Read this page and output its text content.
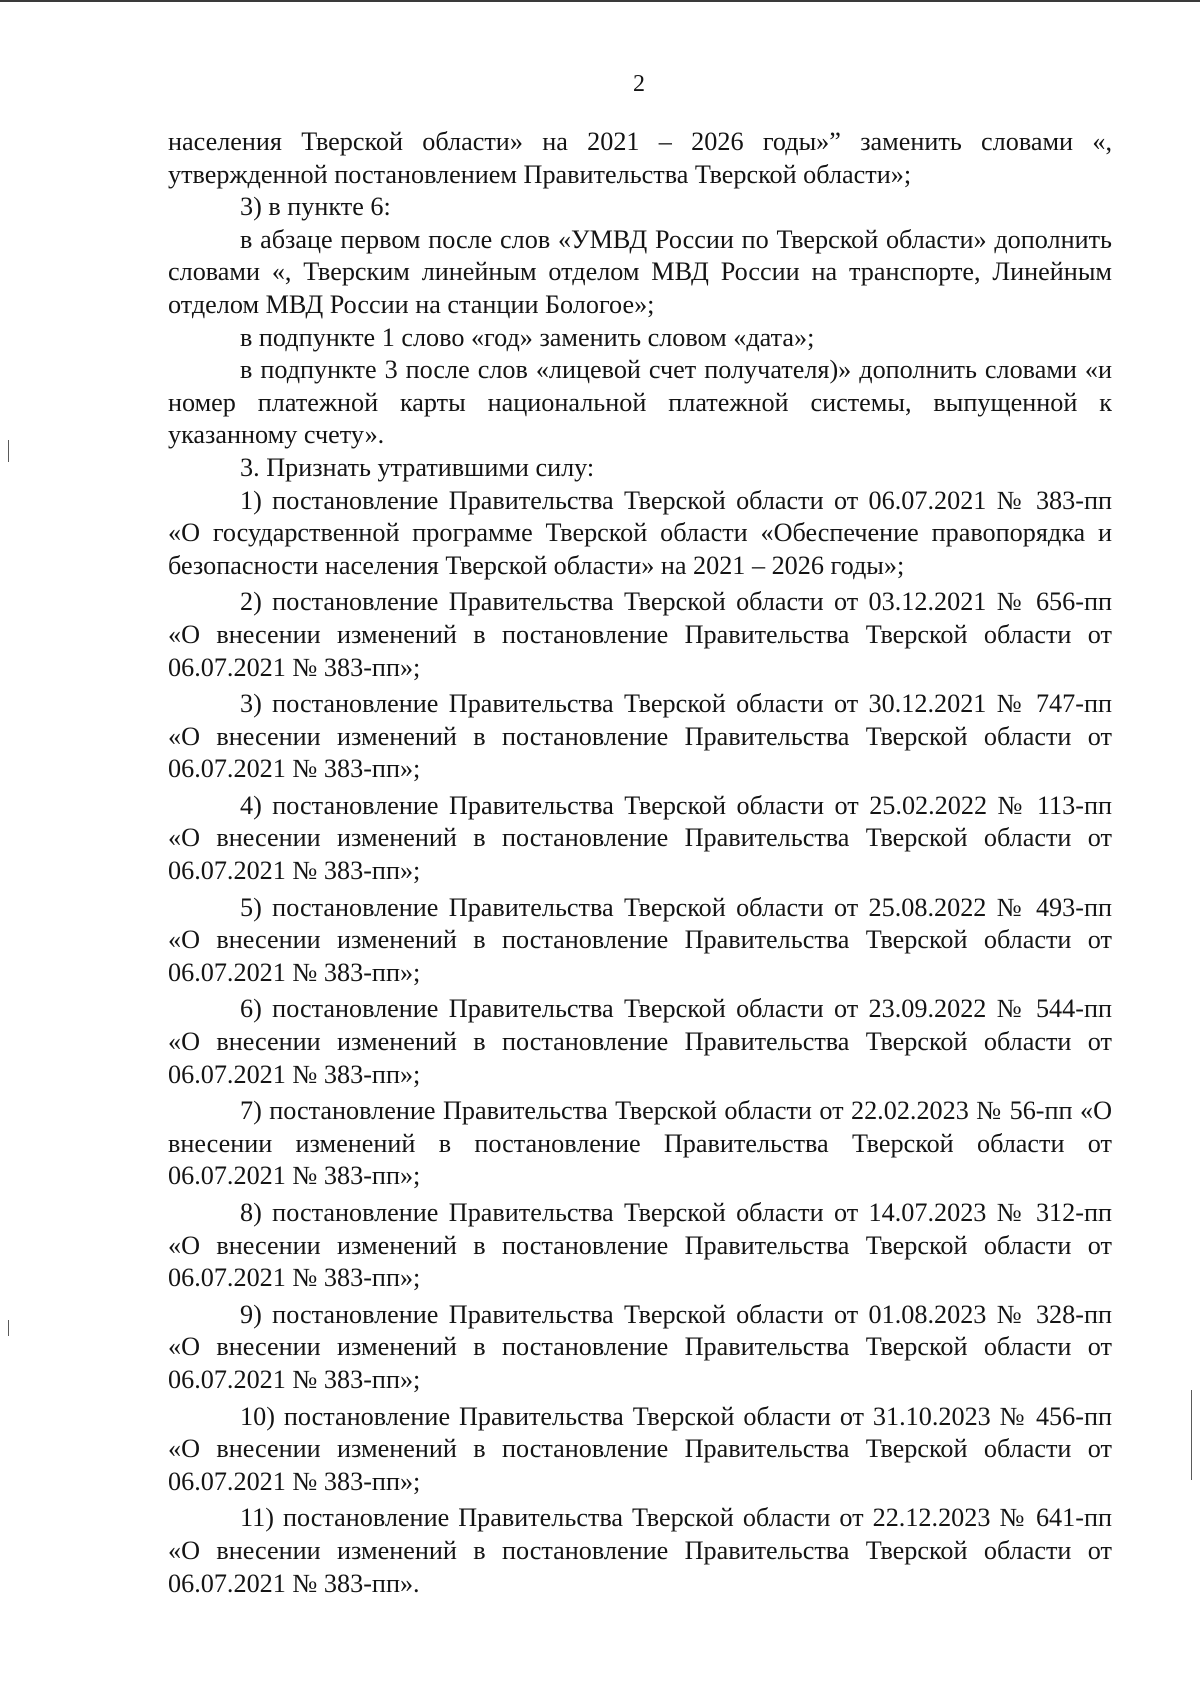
2

населения Тверской области» на 2021 – 2026 годы»” заменить словами «, утвержденной постановлением Правительства Тверской области»;

3) в пункте 6:

в абзаце первом после слов «УМВД России по Тверской области» дополнить словами «, Тверским линейным отделом МВД России на транспорте, Линейным отделом МВД России на станции Бологое»;

в подпункте 1 слово «год» заменить словом «дата»;

в подпункте 3 после слов «лицевой счет получателя)» дополнить словами «и номер платежной карты национальной платежной системы, выпущенной к указанному счету».

3. Признать утратившими силу:

1) постановление Правительства Тверской области от 06.07.2021 № 383-пп «О государственной программе Тверской области «Обеспечение правопорядка и безопасности населения Тверской области» на 2021 – 2026 годы»;

2) постановление Правительства Тверской области от 03.12.2021 № 656-пп «О внесении изменений в постановление Правительства Тверской области от 06.07.2021 № 383-пп»;

3) постановление Правительства Тверской области от 30.12.2021 № 747-пп «О внесении изменений в постановление Правительства Тверской области от 06.07.2021 № 383-пп»;

4) постановление Правительства Тверской области от 25.02.2022 № 113-пп «О внесении изменений в постановление Правительства Тверской области от 06.07.2021 № 383-пп»;

5) постановление Правительства Тверской области от 25.08.2022 № 493-пп «О внесении изменений в постановление Правительства Тверской области от 06.07.2021 № 383-пп»;

6) постановление Правительства Тверской области от 23.09.2022 № 544-пп «О внесении изменений в постановление Правительства Тверской области от 06.07.2021 № 383-пп»;

7) постановление Правительства Тверской области от 22.02.2023 № 56-пп «О внесении изменений в постановление Правительства Тверской области от 06.07.2021 № 383-пп»;

8) постановление Правительства Тверской области от 14.07.2023 № 312-пп «О внесении изменений в постановление Правительства Тверской области от 06.07.2021 № 383-пп»;

9) постановление Правительства Тверской области от 01.08.2023 № 328-пп «О внесении изменений в постановление Правительства Тверской области от 06.07.2021 № 383-пп»;

10) постановление Правительства Тверской области от 31.10.2023 № 456-пп «О внесении изменений в постановление Правительства Тверской области от 06.07.2021 № 383-пп»;

11) постановление Правительства Тверской области от 22.12.2023 № 641-пп «О внесении изменений в постановление Правительства Тверской области от 06.07.2021 № 383-пп».
